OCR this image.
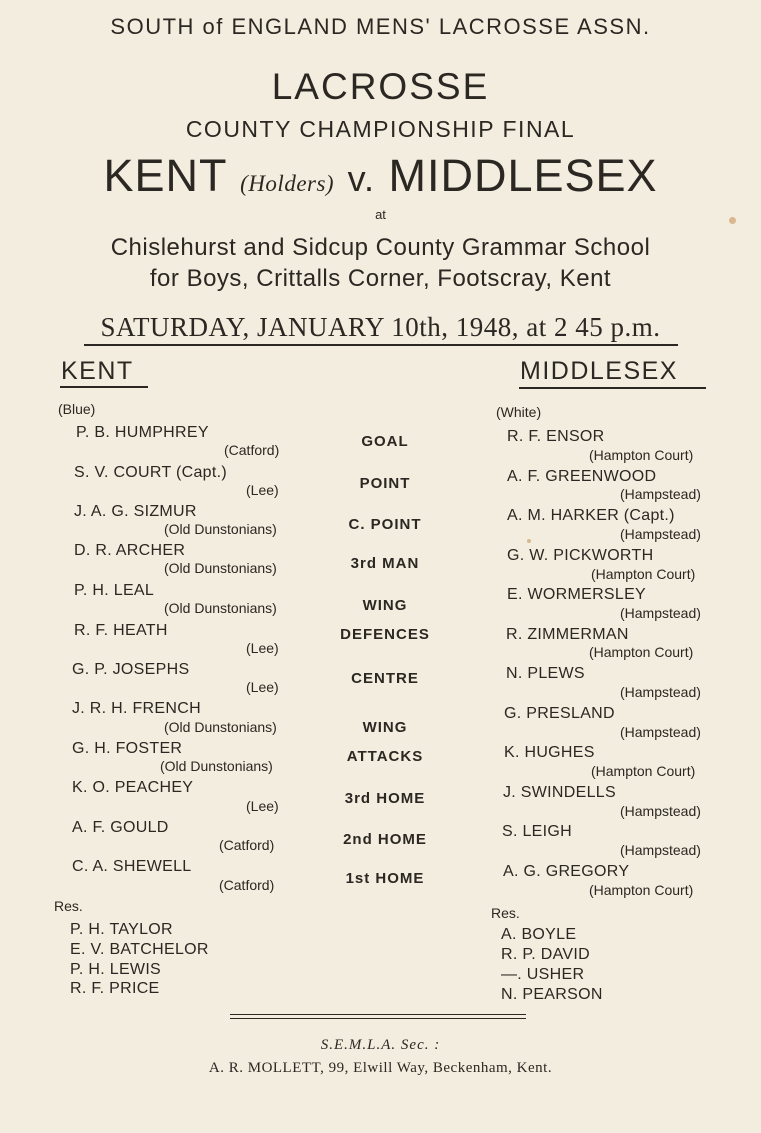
SOUTH of ENGLAND MENS' LACROSSE ASSN.
LACROSSE
COUNTY CHAMPIONSHIP FINAL
KENT (Holders) v. MIDDLESEX
at
Chislehurst and Sidcup County Grammar School
for Boys, Crittalls Corner, Footscray, Kent
SATURDAY, JANUARY 10th, 1948, at 2 45 p.m.
KENT	MIDDLESEX
(Blue)	(White)
P. B. HUMPHREY
(Catford)
S. V. COURT (Capt.)
(Lee)
J. A. G. SIZMUR
(Old Dunstonians)
D. R. ARCHER
(Old Dunstonians)
P. H. LEAL
(Old Dunstonians)
R. F. HEATH
(Lee)
G. P. JOSEPHS
(Lee)
J. R. H. FRENCH
(Old Dunstonians)
G. H. FOSTER
(Old Dunstonians)
K. O. PEACHEY
(Lee)
A. F. GOULD
(Catford)
C. A. SHEWELL
(Catford)
GOAL
POINT
C. POINT
3rd MAN
WING
DEFENCES
CENTRE
WING
ATTACKS
3rd HOME
2nd HOME
1st HOME
R. F. ENSOR
(Hampton Court)
A. F. GREENWOOD
(Hampstead)
A. M. HARKER (Capt.)
(Hampstead)
G. W. PICKWORTH
(Hampton Court)
E. WORMERSLEY
(Hampstead)
R. ZIMMERMAN
(Hampton Court)
N. PLEWS
(Hampstead)
G. PRESLAND
(Hampstead)
K. HUGHES
(Hampton Court)
J. SWINDELLS
(Hampstead)
S. LEIGH
(Hampstead)
A. G. GREGORY
(Hampton Court)
Res.
P. H. TAYLOR
E. V. BATCHELOR
P. H. LEWIS
R. F. PRICE
Res.
A. BOYLE
R. P. DAVID
—. USHER
N. PEARSON
S.E.M.L.A. Sec. :
A. R. MOLLETT, 99, Elwill Way, Beckenham, Kent.
